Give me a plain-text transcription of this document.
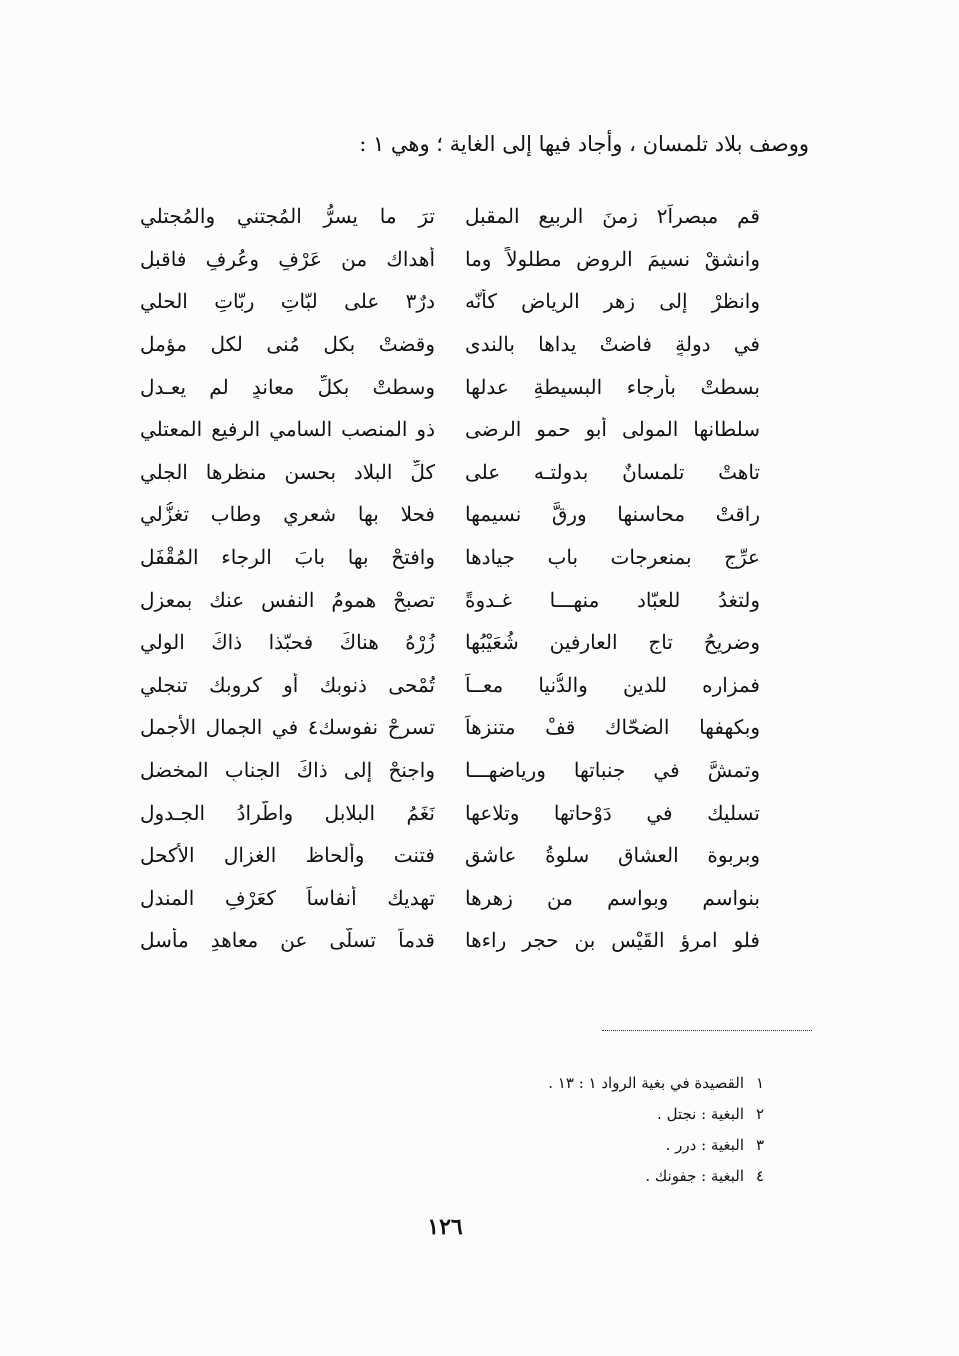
ووصف بلاد تلمسان ، وأجاد فيها إلى الغاية ؛ وهي ١ :
قم مبصراً٢ زمنَ الربيع المقبلِ
ترَ ما يسرُّ المُجتني والمُجتلي
وانشقْ نسيمَ الروضِ مطلولاً وما
أهداك من عَرْفٍ وعُرفٍ فاقبلِ
وانظرْ إلى زهرِ الرياضِ كأنّه
درٌ٣ على لبّاتِ ربّاتِ الحلي
في دولةٍ فاضتْ يداها بالندى
وقضتْ بكلِ مُنى لكلِ مؤمل
بسطتْ بأرجاء البسيطةِ عدلها
وسطتْ بكلِّ معاندٍ لم يعـدل
سلطانها المولى أبو حمو الرضى
ذو المنصب السامي الرفيع المعتلي
تاهتْ تلمسانٌ بدولتـه على
كلِّ البلاد بحسنِ منظرها الجلي
راقتْ محاسنها ورقَّ نسيمها
فحلا بها شعري وطاب تغزُّلي
عرِّج بمنعرجات بابِ جيادها
وافتحْ بها بابَ الرجاء المُقْفَلِ
ولتغدُ للعبّاد منهـــا غـدوةً
تصبحْ همومُ النفسِ عنك بمعزل
وضريحُ تاجِ العارفين شُعَيْبُها
زُرْهُ هناكَ فحبّذا ذاكَ الولي
فمزاره للدين والدُّنيا معــاً
تُمْحى ذنوبك أو كروبك تنجلي
وبكهفها الضحّاك قفْ متنزهاً
تسرحْ نفوسك٤ في الجمال الأجمل
وتمشَّ في جنباتها ورياضهـــا
واجنحْ إلى ذاكَ الجنابِ المخضل
تسليك في دَوْحاتها وتلاعها
نَغَمُ البلابلِ واطّرادُ الجـدول
وبربوة العشاقِ سلوةُ عاشقٍ
فتنت وألحاظ الغزال الأكحل
بنواسمٍ وبواسم من زهرها
تهديك أنفاساً كعَرْفِ المندل
فلو امرؤ القَيْس بن حجر راءها
قدماً تسلّى عن معاهدِ مأسل
١
القصيدة في بغية الرواد ١ : ١٣ .
٢
البغية : نجتل .
٣
البغية : درر .
٤
البغية : جفونك .
١٢٦
